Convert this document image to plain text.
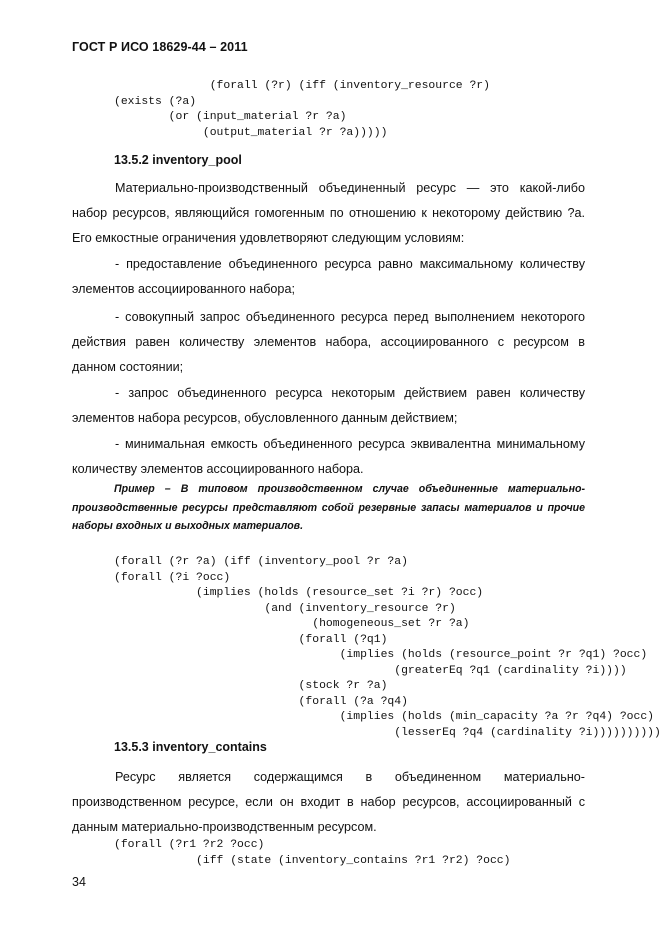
ГОСТ Р ИСО 18629-44 – 2011
(forall (?r) (iff (inventory_resource ?r)
(exists (?a)
(or (input_material ?r ?a)
(output_material ?r ?a)))))
13.5.2 inventory_pool
Материально-производственный объединенный ресурс — это какой-либо набор ресурсов, являющийся гомогенным по отношению к некоторому действию ?a. Его емкостные ограничения удовлетворяют следующим условиям:
- предоставление объединенного ресурса равно максимальному количеству элементов ассоциированного набора;
- совокупный запрос объединенного ресурса перед выполнением некоторого действия равен количеству элементов набора, ассоциированного с ресурсом в данном состоянии;
- запрос объединенного ресурса некоторым действием равен количеству элементов набора ресурсов, обусловленного данным действием;
- минимальная емкость объединенного ресурса эквивалентна минимальному количеству элементов ассоциированного набора.
Пример – В типовом производственном случае объединенные материально-производственные ресурсы представляют собой резервные запасы материалов и прочие наборы входных и выходных материалов.
(forall (?r ?a) (iff (inventory_pool ?r ?a)
(forall (?i ?occ)
(implies (holds (resource_set ?i ?r) ?occ)
(and (inventory_resource ?r)
(homogeneous_set ?r ?a)
(forall (?q1)
(implies (holds (resource_point ?r ?q1) ?occ)
(greaterEq ?q1 (cardinality ?i))))
(stock ?r ?a)
(forall (?a ?q4)
(implies (holds (min_capacity ?a ?r ?q4) ?occ)
(lesserEq ?q4 (cardinality ?i))))))))))
13.5.3 inventory_contains
Ресурс является содержащимся в объединенном материально-производственном ресурсе, если он входит в набор ресурсов, ассоциированный с данным материально-производственным ресурсом.
(forall (?r1 ?r2 ?occ)
(iff (state (inventory_contains ?r1 ?r2) ?occ)
34
